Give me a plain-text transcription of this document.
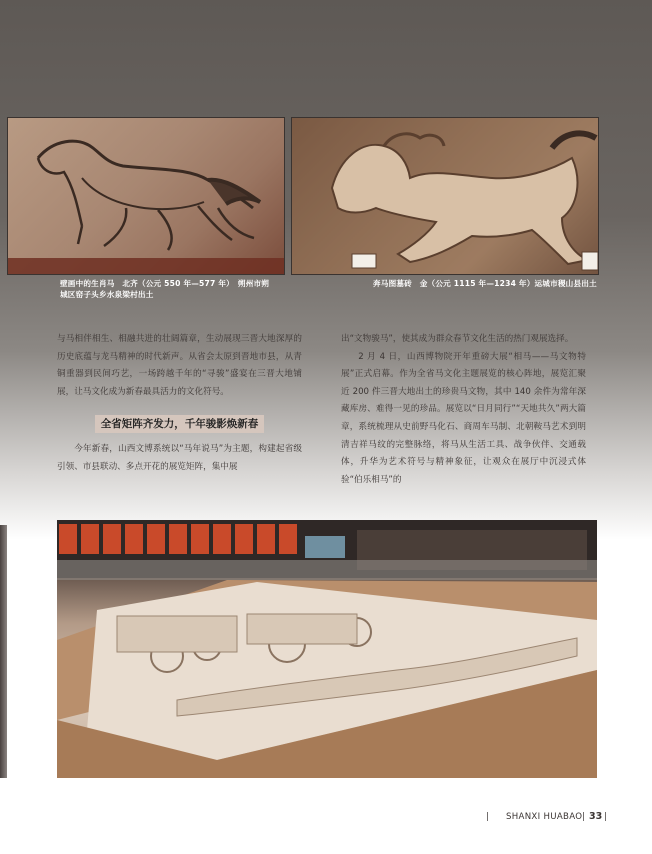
壁画中的生肖马　北齐（公元 550 年—577 年）　朔州市朔
城区窑子头乡水泉梁村出土
奔马图墓砖　金（公元 1115 年—1234 年）运城市稷山县出土

与马相伴相生、相融共进的壮阔篇章，生动展现三晋大地深厚的历史底蕴与龙马精神的时代新声。从省会太原到晋地市县，从青铜重器到民间巧艺，一场跨越千年的“寻骏”盛宴在三晋大地铺展，让马文化成为新春最具活力的文化符号。

全省矩阵齐发力，千年骏影焕新春

今年新春，山西文博系统以“马年说马”为主题，构建起省级引领、市县联动、多点开花的展览矩阵，集中展

出“文物骏马”，使其成为群众春节文化生活的热门观展选择。

2 月 4 日，山西博物院开年重磅大展“相马——马文物特展”正式启幕。作为全省马文化主题展览的核心阵地，展览汇聚近 200 件三晋大地出土的珍贵马文物，其中 140 余件为常年深藏库房、难得一见的珍品。展览以“日月同行”“天地共久”两大篇章，系统梳理从史前野马化石、商周车马制、北朝鞍马艺术到明清吉祥马纹的完整脉络，将马从生活工具、战争伙伴、交通载体，升华为艺术符号与精神象征，让观众在展厅中沉浸式体验“伯乐相马”的

| SHANXI HUABAO | 33 |
